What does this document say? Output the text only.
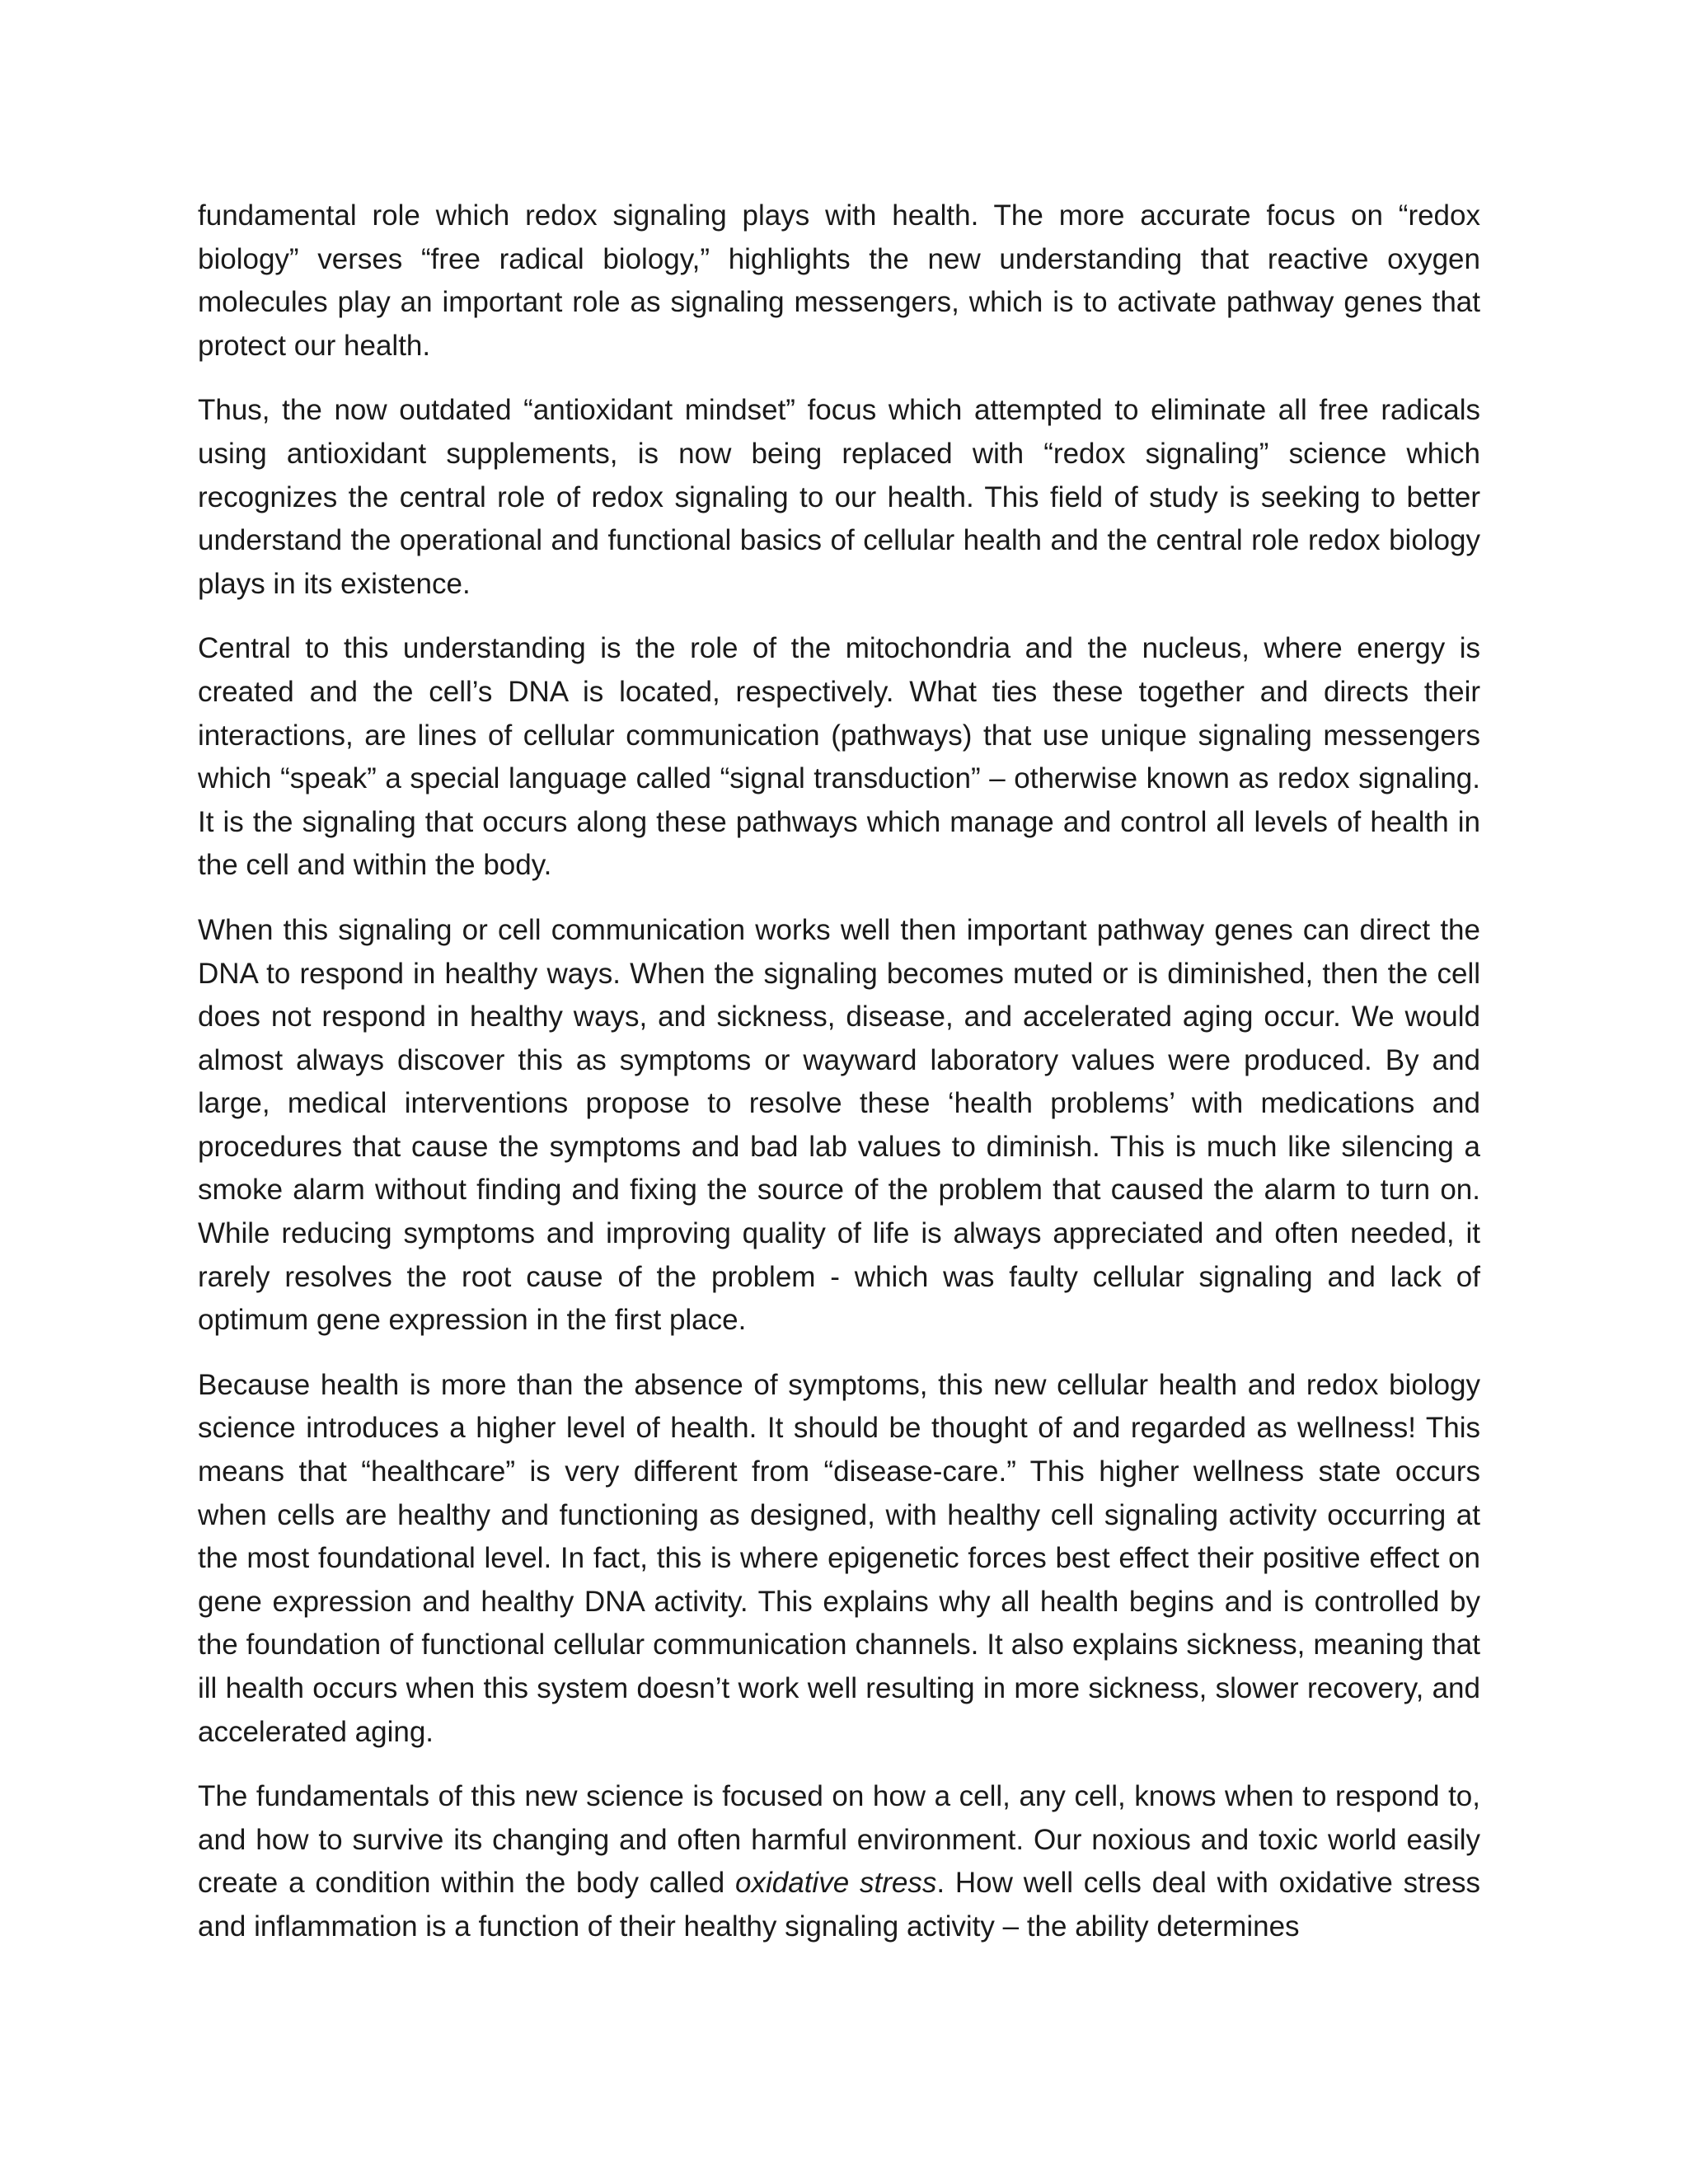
fundamental role which redox signaling plays with health. The more accurate focus on “redox biology” verses “free radical biology,” highlights the new understanding that reactive oxygen molecules play an important role as signaling messengers, which is to activate pathway genes that protect our health.

Thus, the now outdated “antioxidant mindset” focus which attempted to eliminate all free radicals using antioxidant supplements, is now being replaced with “redox signaling” science which recognizes the central role of redox signaling to our health. This field of study is seeking to better understand the operational and functional basics of cellular health and the central role redox biology plays in its existence.

Central to this understanding is the role of the mitochondria and the nucleus, where energy is created and the cell’s DNA is located, respectively. What ties these together and directs their interactions, are lines of cellular communication (pathways) that use unique signaling messengers which “speak” a special language called “signal transduction” – otherwise known as redox signaling. It is the signaling that occurs along these pathways which manage and control all levels of health in the cell and within the body.

When this signaling or cell communication works well then important pathway genes can direct the DNA to respond in healthy ways. When the signaling becomes muted or is diminished, then the cell does not respond in healthy ways, and sickness, disease, and accelerated aging occur. We would almost always discover this as symptoms or wayward laboratory values were produced. By and large, medical interventions propose to resolve these ‘health problems’ with medications and procedures that cause the symptoms and bad lab values to diminish. This is much like silencing a smoke alarm without finding and fixing the source of the problem that caused the alarm to turn on. While reducing symptoms and improving quality of life is always appreciated and often needed, it rarely resolves the root cause of the problem - which was faulty cellular signaling and lack of optimum gene expression in the first place.

Because health is more than the absence of symptoms, this new cellular health and redox biology science introduces a higher level of health. It should be thought of and regarded as wellness! This means that “healthcare” is very different from “disease-care.” This higher wellness state occurs when cells are healthy and functioning as designed, with healthy cell signaling activity occurring at the most foundational level. In fact, this is where epigenetic forces best effect their positive effect on gene expression and healthy DNA activity. This explains why all health begins and is controlled by the foundation of functional cellular communication channels. It also explains sickness, meaning that ill health occurs when this system doesn’t work well resulting in more sickness, slower recovery, and accelerated aging.

The fundamentals of this new science is focused on how a cell, any cell, knows when to respond to, and how to survive its changing and often harmful environment. Our noxious and toxic world easily create a condition within the body called oxidative stress. How well cells deal with oxidative stress and inflammation is a function of their healthy signaling activity – the ability determines
